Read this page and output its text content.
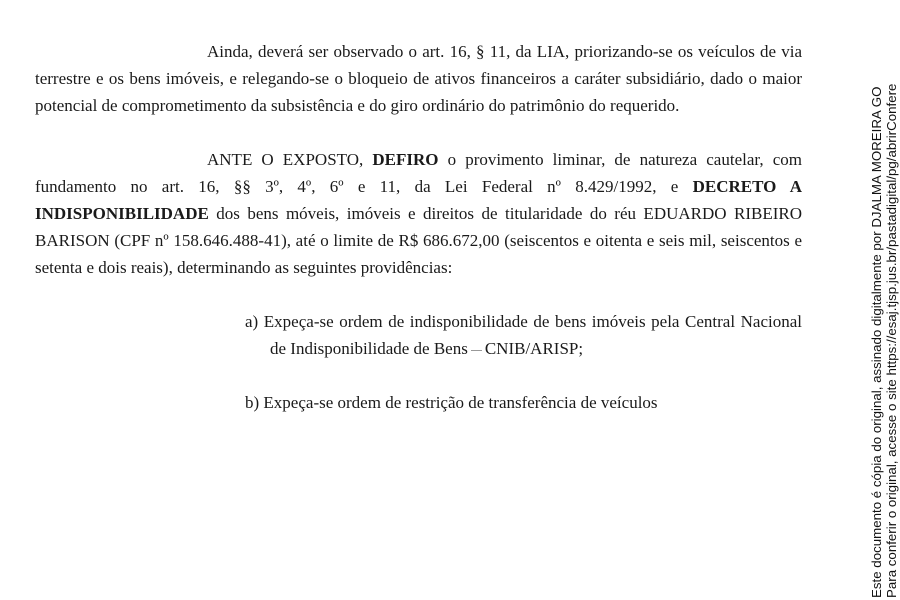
Ainda, deverá ser observado o art. 16, § 11, da LIA, priorizando-se os veículos de via terrestre e os bens imóveis, e relegando-se o bloqueio de ativos financeiros a caráter subsidiário, dado o maior potencial de comprometimento da subsistência e do giro ordinário do patrimônio do requerido.

ANTE O EXPOSTO, DEFIRO o provimento liminar, de natureza cautelar, com fundamento no art. 16, §§ 3º, 4º, 6º e 11, da Lei Federal nº 8.429/1992, e DECRETO A INDISPONIBILIDADE dos bens móveis, imóveis e direitos de titularidade do réu EDUARDO RIBEIRO BARISON (CPF nº 158.646.488-41), até o limite de R$ 686.672,00 (seiscentos e oitenta e seis mil, seiscentos e setenta e dois reais), determinando as seguintes providências:

a) Expeça-se ordem de indisponibilidade de bens imóveis pela Central Nacional de Indisponibilidade de Bens CNIB/ARISP;

b) Expeça-se ordem de restrição de transferência de veículos	Este documento é cópia do original, assinado digitalmente por DJALMA MOREIRA GO Para conferir o original, acesse o site https://esaj.tjsp.jus.br/pastadigital/pg/abrirConfere
